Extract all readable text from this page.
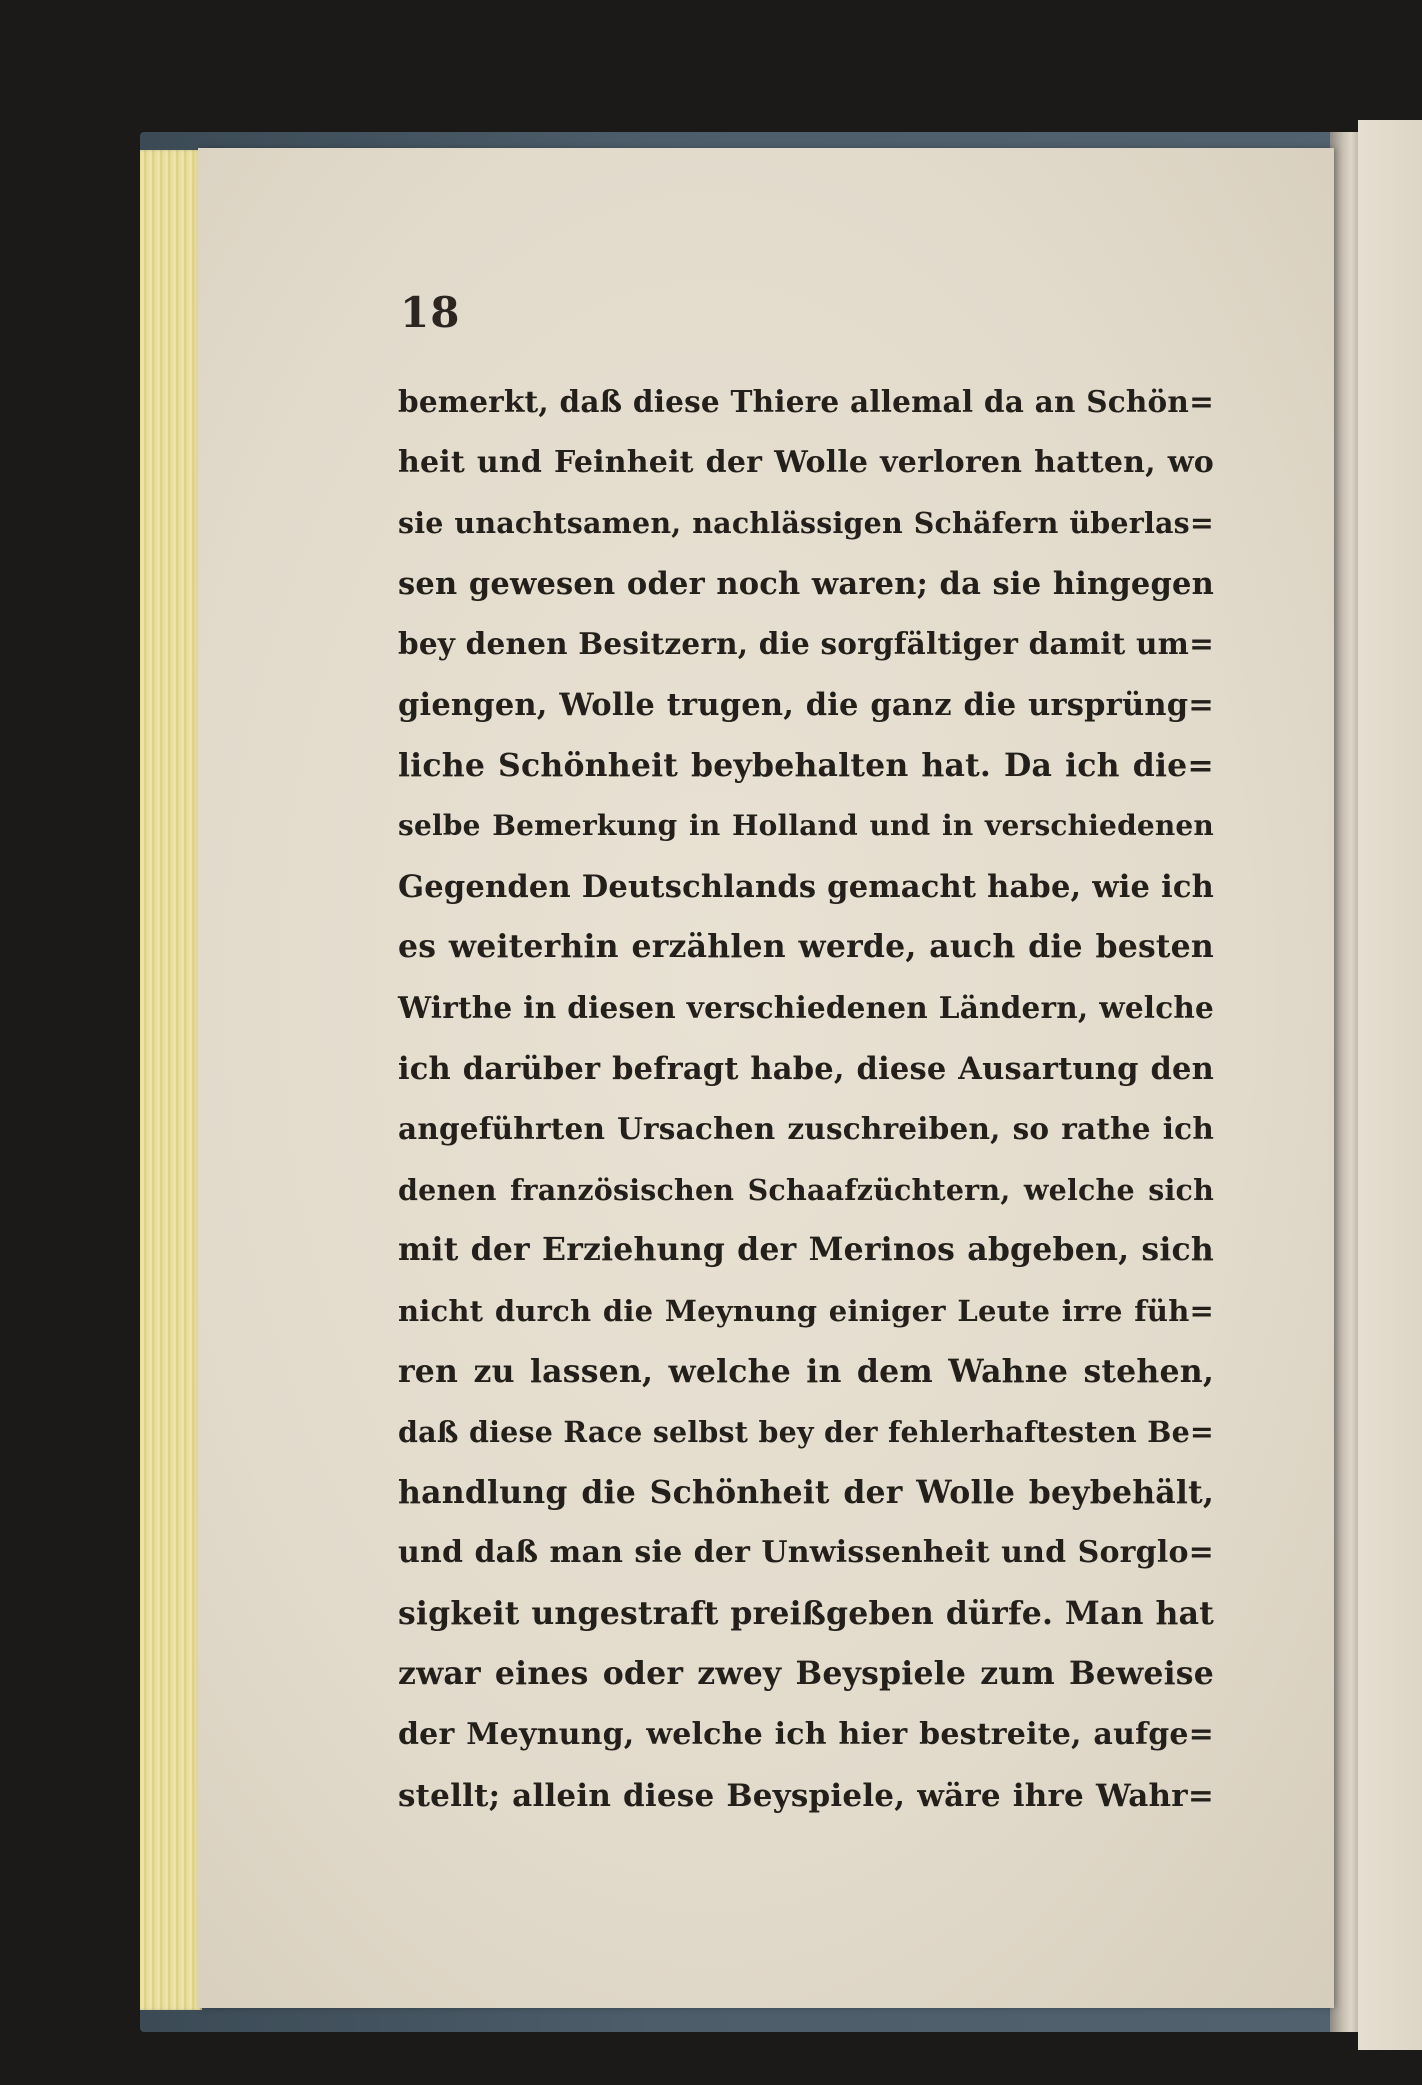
18
bemerkt, daß diese Thiere allemal da an Schön=
heit und Feinheit der Wolle verloren hatten, wo
sie unachtsamen, nachlässigen Schäfern überlas=
sen gewesen oder noch waren; da sie hingegen
bey denen Besitzern, die sorgfältiger damit um=
giengen, Wolle trugen, die ganz die ursprüng=
liche Schönheit beybehalten hat. Da ich die=
selbe Bemerkung in Holland und in verschiedenen
Gegenden Deutschlands gemacht habe, wie ich
es weiterhin erzählen werde, auch die besten
Wirthe in diesen verschiedenen Ländern, welche
ich darüber befragt habe, diese Ausartung den
angeführten Ursachen zuschreiben, so rathe ich
denen französischen Schaafzüchtern, welche sich
mit der Erziehung der Merinos abgeben, sich
nicht durch die Meynung einiger Leute irre füh=
ren zu lassen, welche in dem Wahne stehen,
daß diese Race selbst bey der fehlerhaftesten Be=
handlung die Schönheit der Wolle beybehält,
und daß man sie der Unwissenheit und Sorglo=
sigkeit ungestraft preißgeben dürfe. Man hat
zwar eines oder zwey Beyspiele zum Beweise
der Meynung, welche ich hier bestreite, aufge=
stellt; allein diese Beyspiele, wäre ihre Wahr=
